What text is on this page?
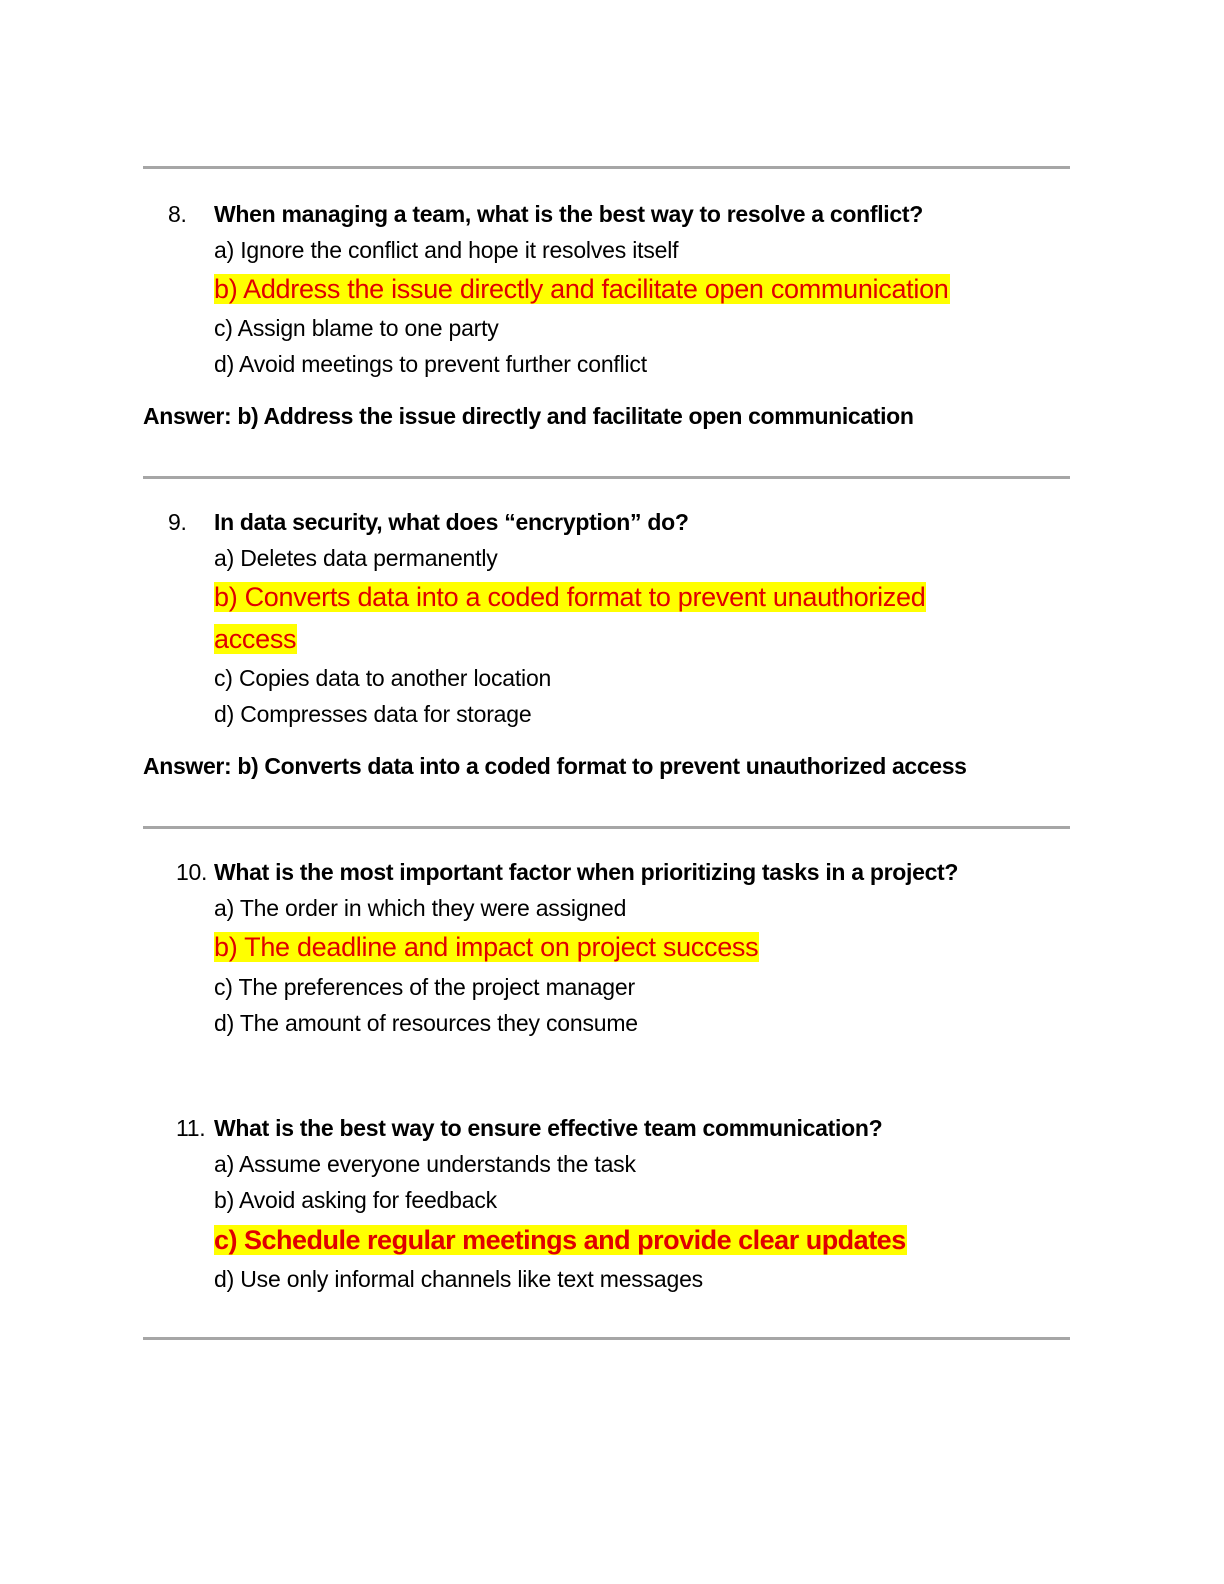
8. When managing a team, what is the best way to resolve a conflict?
a) Ignore the conflict and hope it resolves itself
b) Address the issue directly and facilitate open communication
c) Assign blame to one party
d) Avoid meetings to prevent further conflict
Answer: b) Address the issue directly and facilitate open communication
9. In data security, what does “encryption” do?
a) Deletes data permanently
b) Converts data into a coded format to prevent unauthorized
access
c) Copies data to another location
d) Compresses data for storage
Answer: b) Converts data into a coded format to prevent unauthorized access
10. What is the most important factor when prioritizing tasks in a project?
a) The order in which they were assigned
b) The deadline and impact on project success
c) The preferences of the project manager
d) The amount of resources they consume
11. What is the best way to ensure effective team communication?
a) Assume everyone understands the task
b) Avoid asking for feedback
c) Schedule regular meetings and provide clear updates
d) Use only informal channels like text messages
